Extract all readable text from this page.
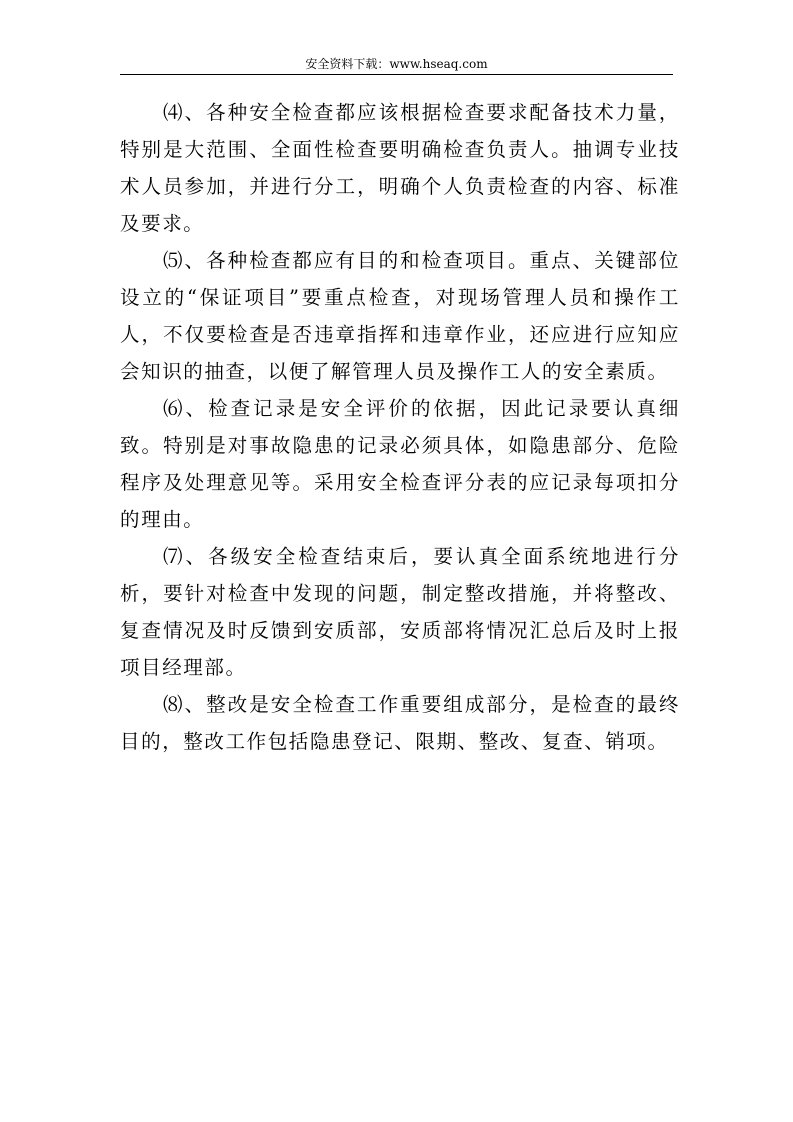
安全资料下载：www.hseaq.com

⑷、各种安全检查都应该根据检查要求配备技术力量，特别是大范围、全面性检查要明确检查负责人。抽调专业技术人员参加，并进行分工，明确个人负责检查的内容、标准及要求。

⑸、各种检查都应有目的和检查项目。重点、关键部位设立的“保证项目”要重点检查，对现场管理人员和操作工人，不仅要检查是否违章指挥和违章作业，还应进行应知应会知识的抽查，以便了解管理人员及操作工人的安全素质。

⑹、检查记录是安全评价的依据，因此记录要认真细致。特别是对事故隐患的记录必须具体，如隐患部分、危险程序及处理意见等。采用安全检查评分表的应记录每项扣分的理由。

⑺、各级安全检查结束后，要认真全面系统地进行分析，要针对检查中发现的问题，制定整改措施，并将整改、复查情况及时反馈到安质部，安质部将情况汇总后及时上报项目经理部。

⑻、整改是安全检查工作重要组成部分，是检查的最终目的，整改工作包括隐患登记、限期、整改、复查、销项。
